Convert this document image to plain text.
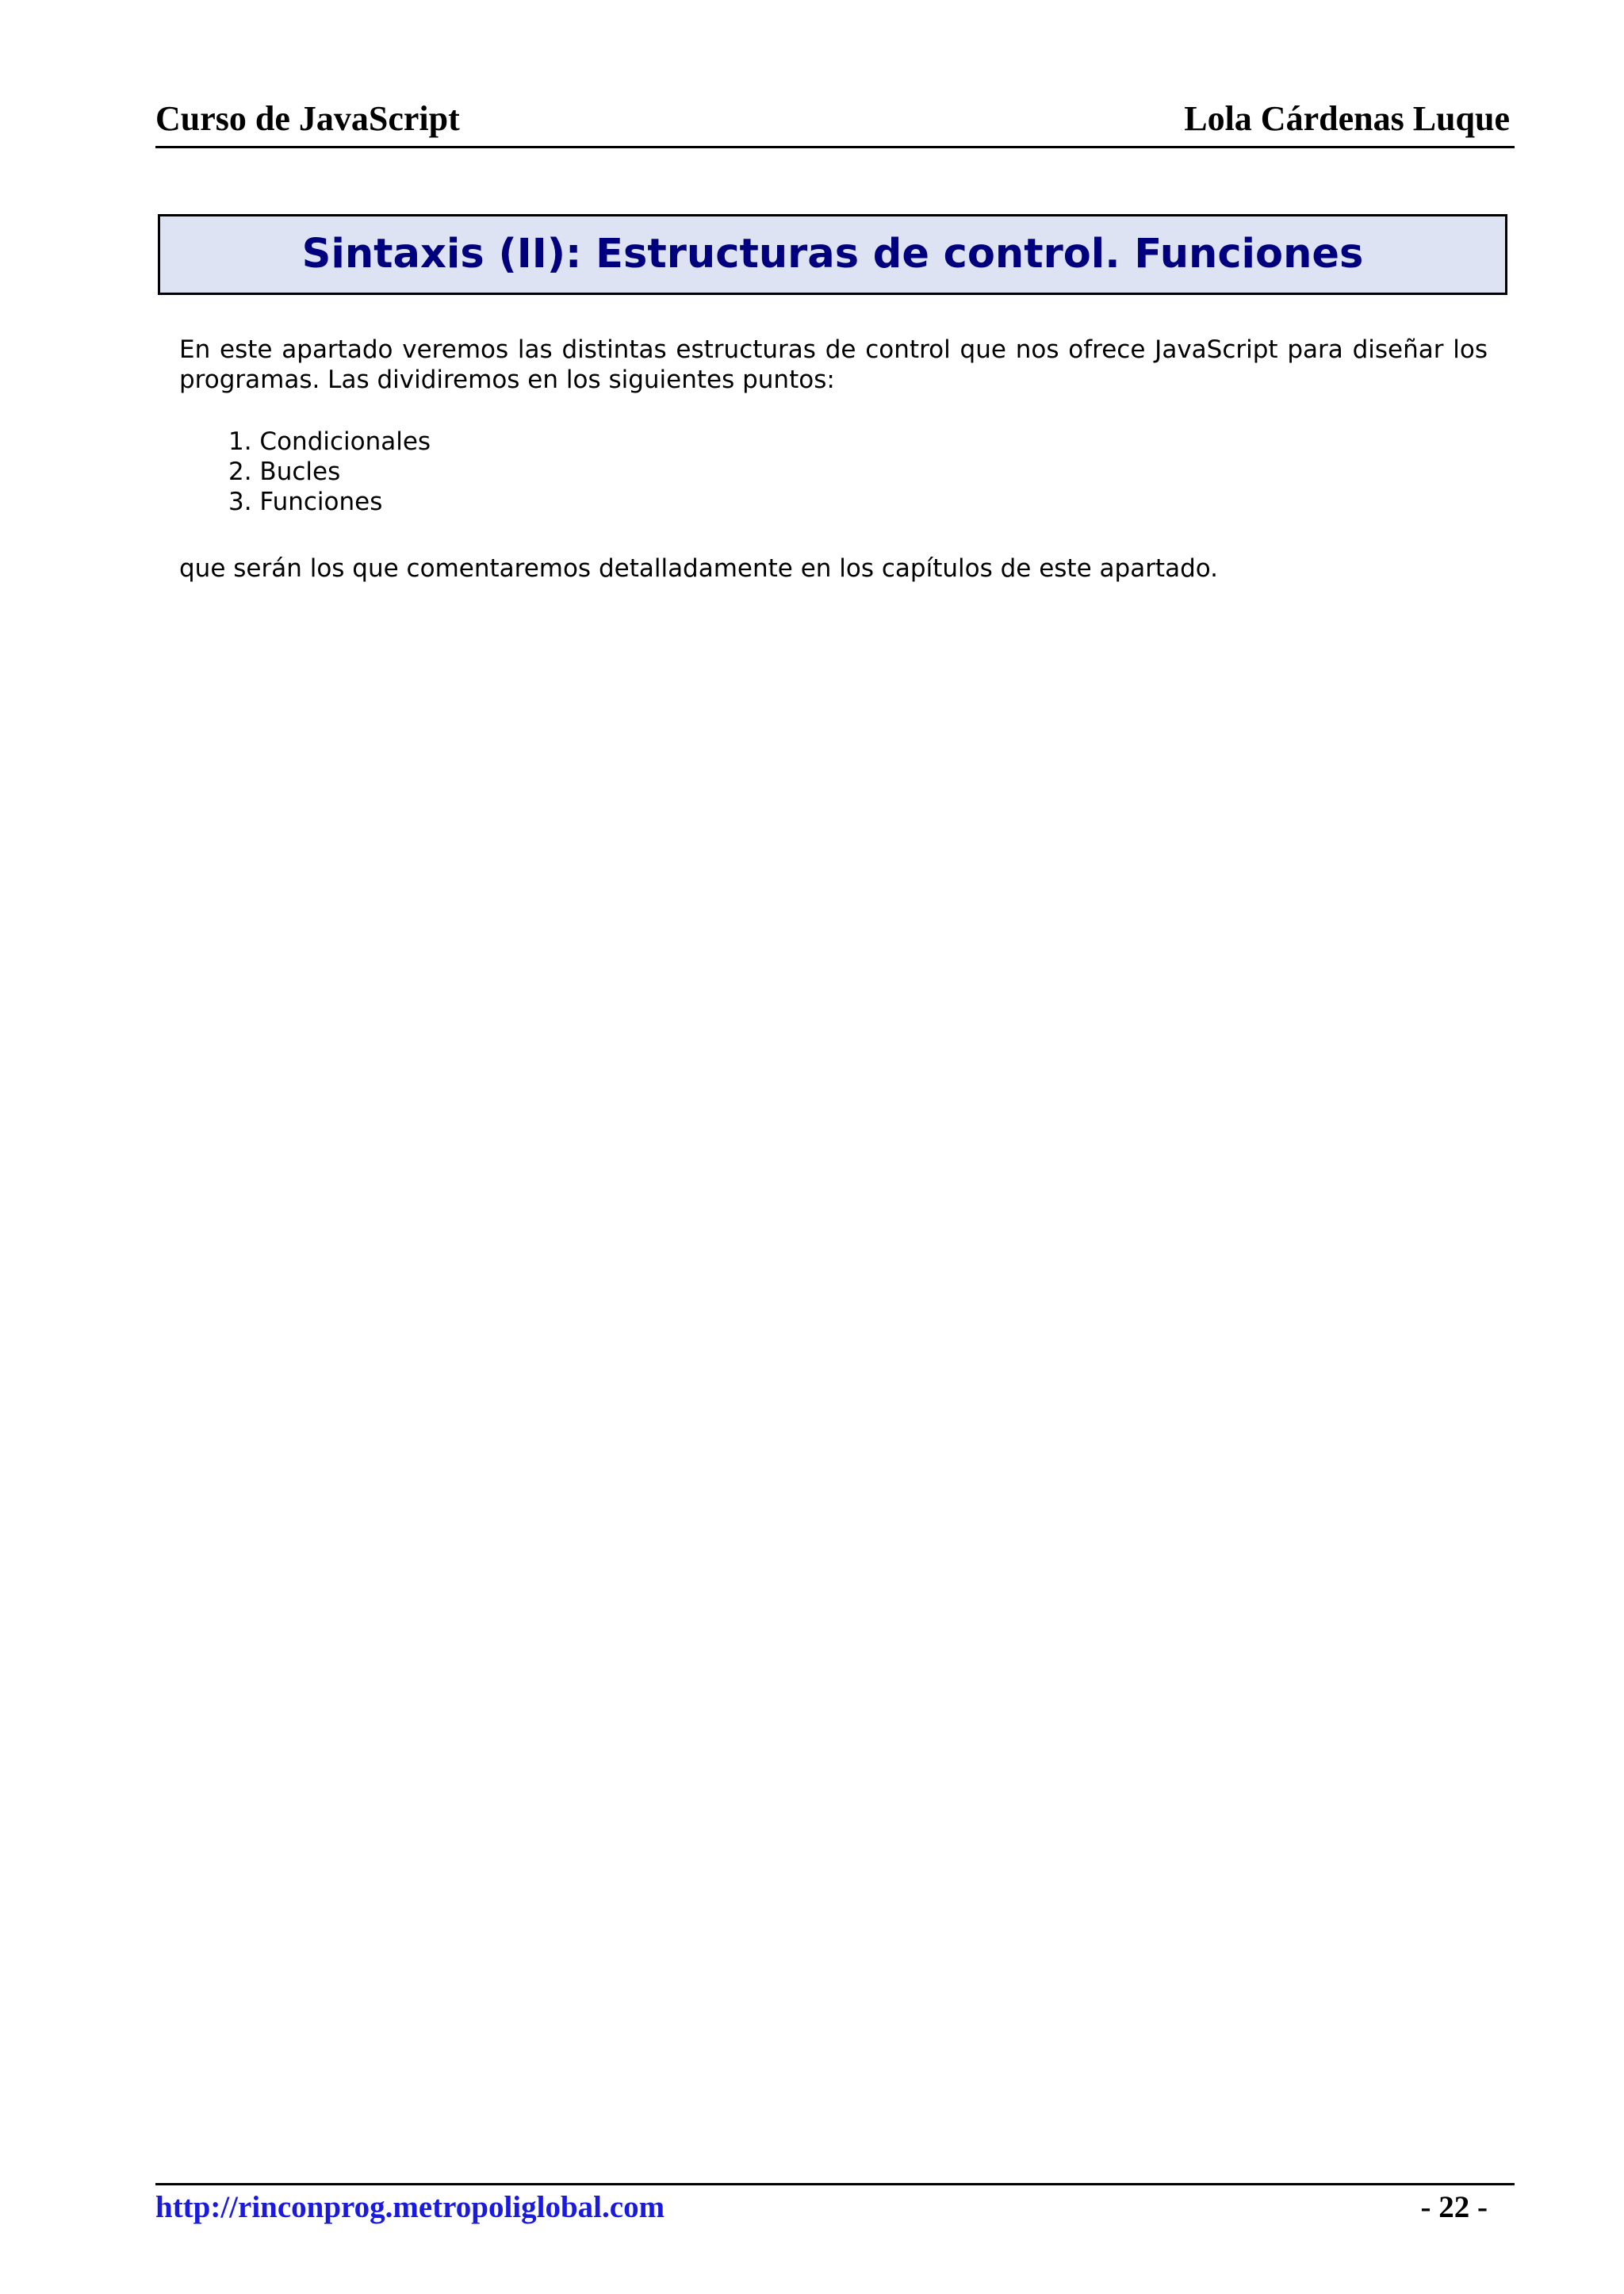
Curso de JavaScript	Lola Cárdenas Luque
Sintaxis (II): Estructuras de control. Funciones

En este apartado veremos las distintas estructuras de control que nos ofrece JavaScript para diseñar los programas. Las dividiremos en los siguientes puntos:

1. Condicionales
2. Bucles
3. Funciones

que serán los que comentaremos detalladamente en los capítulos de este apartado.

http://rinconprog.metropoliglobal.com	- 22 -
